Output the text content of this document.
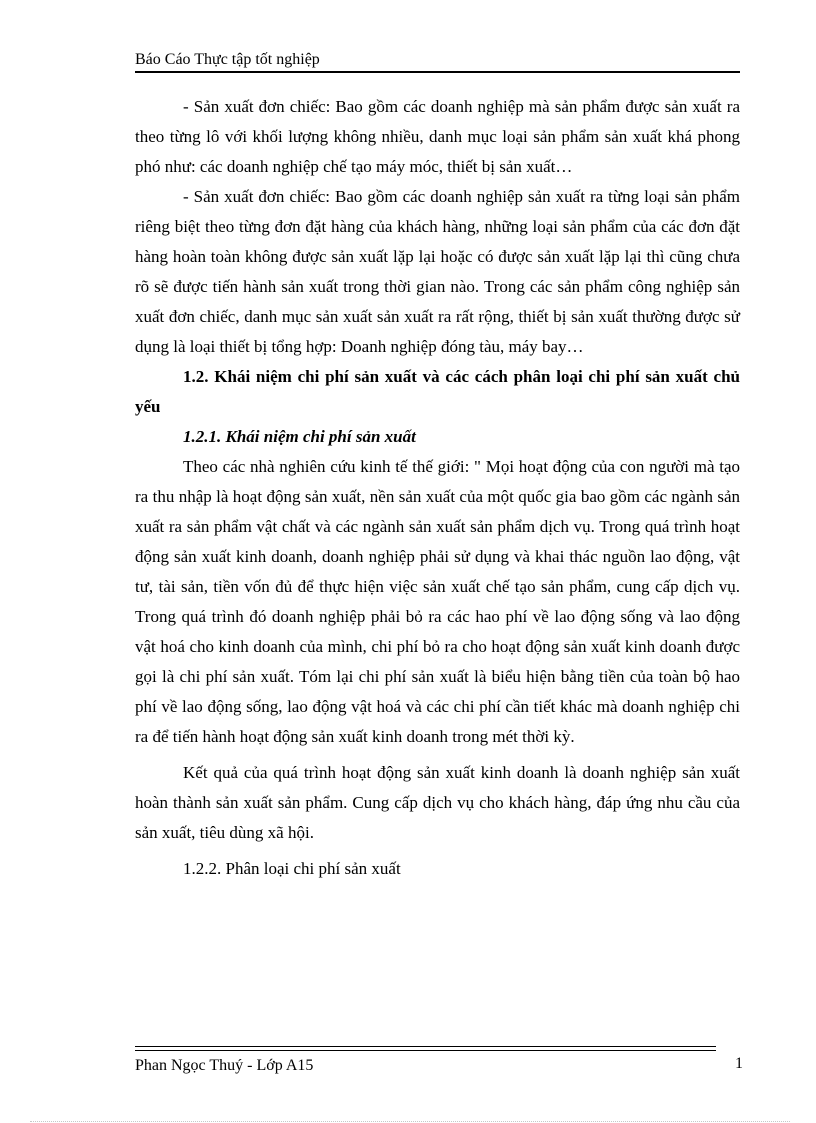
Báo Cáo Thực tập tốt nghiệp

- Sản xuất đơn chiếc: Bao gồm các doanh nghiệp mà sản phẩm được sản xuất ra theo từng lô với khối lượng không nhiều, danh mục loại sản phẩm sản xuất khá phong phó như: các doanh nghiệp chế tạo máy móc, thiết bị sản xuất…

- Sản xuất đơn chiếc: Bao gồm các doanh nghiệp sản xuất ra từng loại sản phẩm riêng biệt theo từng đơn đặt hàng của khách hàng, những loại sản phẩm của các đơn đặt hàng hoàn toàn không được sản xuất lặp lại hoặc có được sản xuất lặp lại thì cũng chưa rõ sẽ được tiến hành sản xuất trong thời gian nào. Trong các sản phẩm công nghiệp sản xuất đơn chiếc, danh mục sản xuất sản xuất ra rất rộng, thiết bị sản xuất thường được sử dụng là loại thiết bị tổng hợp: Doanh nghiệp đóng tàu, máy bay…

1.2. Khái niệm chi phí sản xuất và các cách phân loại chi phí sản xuất chủ yếu

1.2.1. Khái niệm chi phí sản xuất

Theo các nhà nghiên cứu kinh tế thế giới: " Mọi hoạt động của con người mà tạo ra thu nhập là hoạt động sản xuất, nền sản xuất của một quốc gia bao gồm các ngành sản xuất ra sản phẩm vật chất và các ngành sản xuất sản phẩm dịch vụ. Trong quá trình hoạt động sản xuất kinh doanh, doanh nghiệp phải sử dụng và khai thác nguồn lao động, vật tư, tài sản, tiền vốn đủ để thực hiện việc sản xuất chế tạo sản phẩm, cung cấp dịch vụ. Trong quá trình đó doanh nghiệp phải bỏ ra các hao phí về lao động sống và lao động vật hoá cho kinh doanh của mình, chi phí bỏ ra cho hoạt động sản xuất kinh doanh được gọi là chi phí sản xuất. Tóm lại chi phí sản xuất là biểu hiện bằng tiền của toàn bộ hao phí về lao động sống, lao động vật hoá và các chi phí cần tiết khác mà doanh nghiệp chi ra để tiến hành hoạt động sản xuất kinh doanh trong mét thời kỳ.

Kết quả của quá trình hoạt động sản xuất kinh doanh là doanh nghiệp sản xuất hoàn thành sản xuất sản phẩm. Cung cấp dịch vụ cho khách hàng, đáp ứng nhu cầu của sản xuất, tiêu dùng xã hội.

1.2.2. Phân loại chi phí sản xuất

Phan Ngọc Thuý - Lớp A15	1
